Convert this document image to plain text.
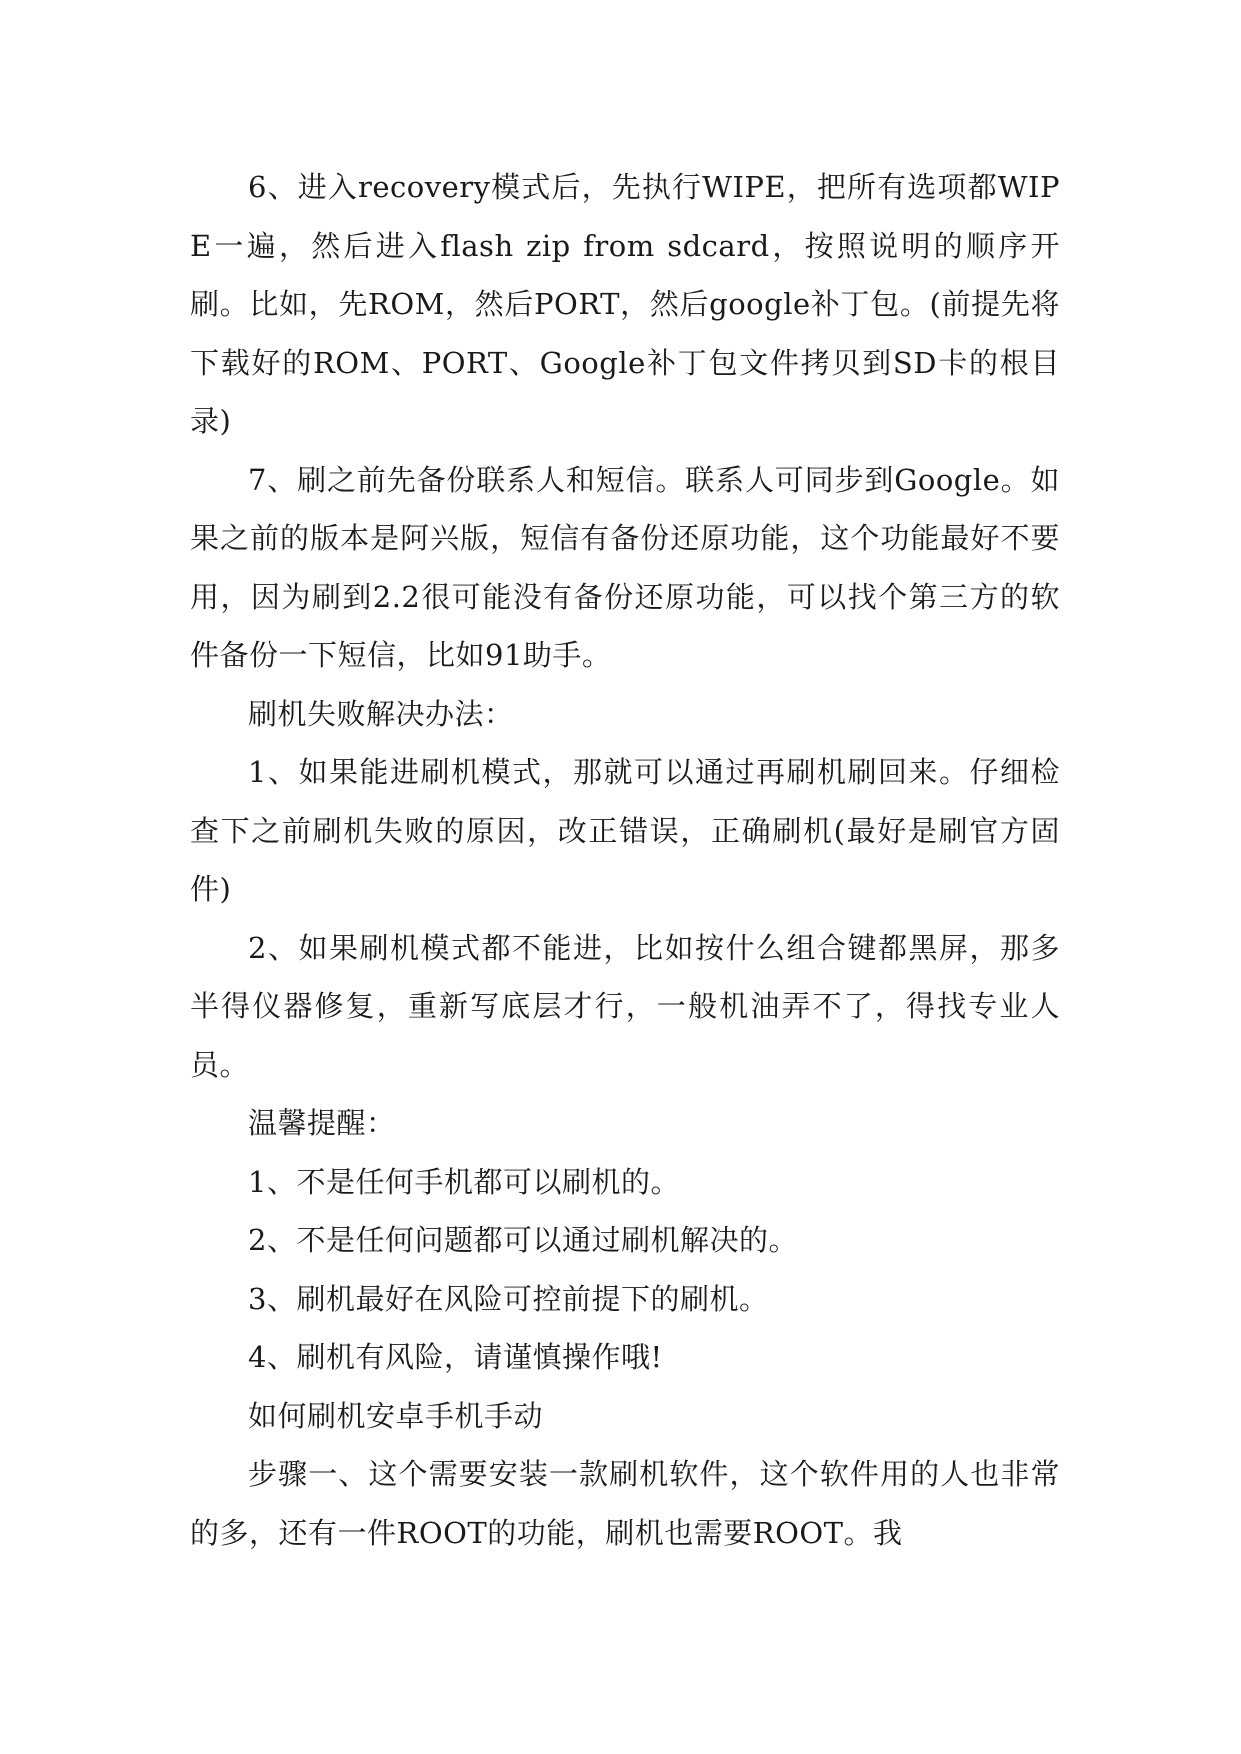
6、进入recovery模式后，先执行WIPE，把所有选项都WIPE一遍，然后进入flash zip from sdcard，按照说明的顺序开刷。比如，先ROM，然后PORT，然后google补丁包。(前提先将下载好的ROM、PORT、Google补丁包文件拷贝到SD卡的根目录)

7、刷之前先备份联系人和短信。联系人可同步到Google。如果之前的版本是阿兴版，短信有备份还原功能，这个功能最好不要用，因为刷到2.2很可能没有备份还原功能，可以找个第三方的软件备份一下短信，比如91助手。

刷机失败解决办法：

1、如果能进刷机模式，那就可以通过再刷机刷回来。仔细检查下之前刷机失败的原因，改正错误，正确刷机(最好是刷官方固件)

2、如果刷机模式都不能进，比如按什么组合键都黑屏，那多半得仪器修复，重新写底层才行，一般机油弄不了，得找专业人员。

温馨提醒：

1、不是任何手机都可以刷机的。

2、不是任何问题都可以通过刷机解决的。

3、刷机最好在风险可控前提下的刷机。

4、刷机有风险，请谨慎操作哦!

如何刷机安卓手机手动

步骤一、这个需要安装一款刷机软件，这个软件用的人也非常的多，还有一件ROOT的功能，刷机也需要ROOT。我
